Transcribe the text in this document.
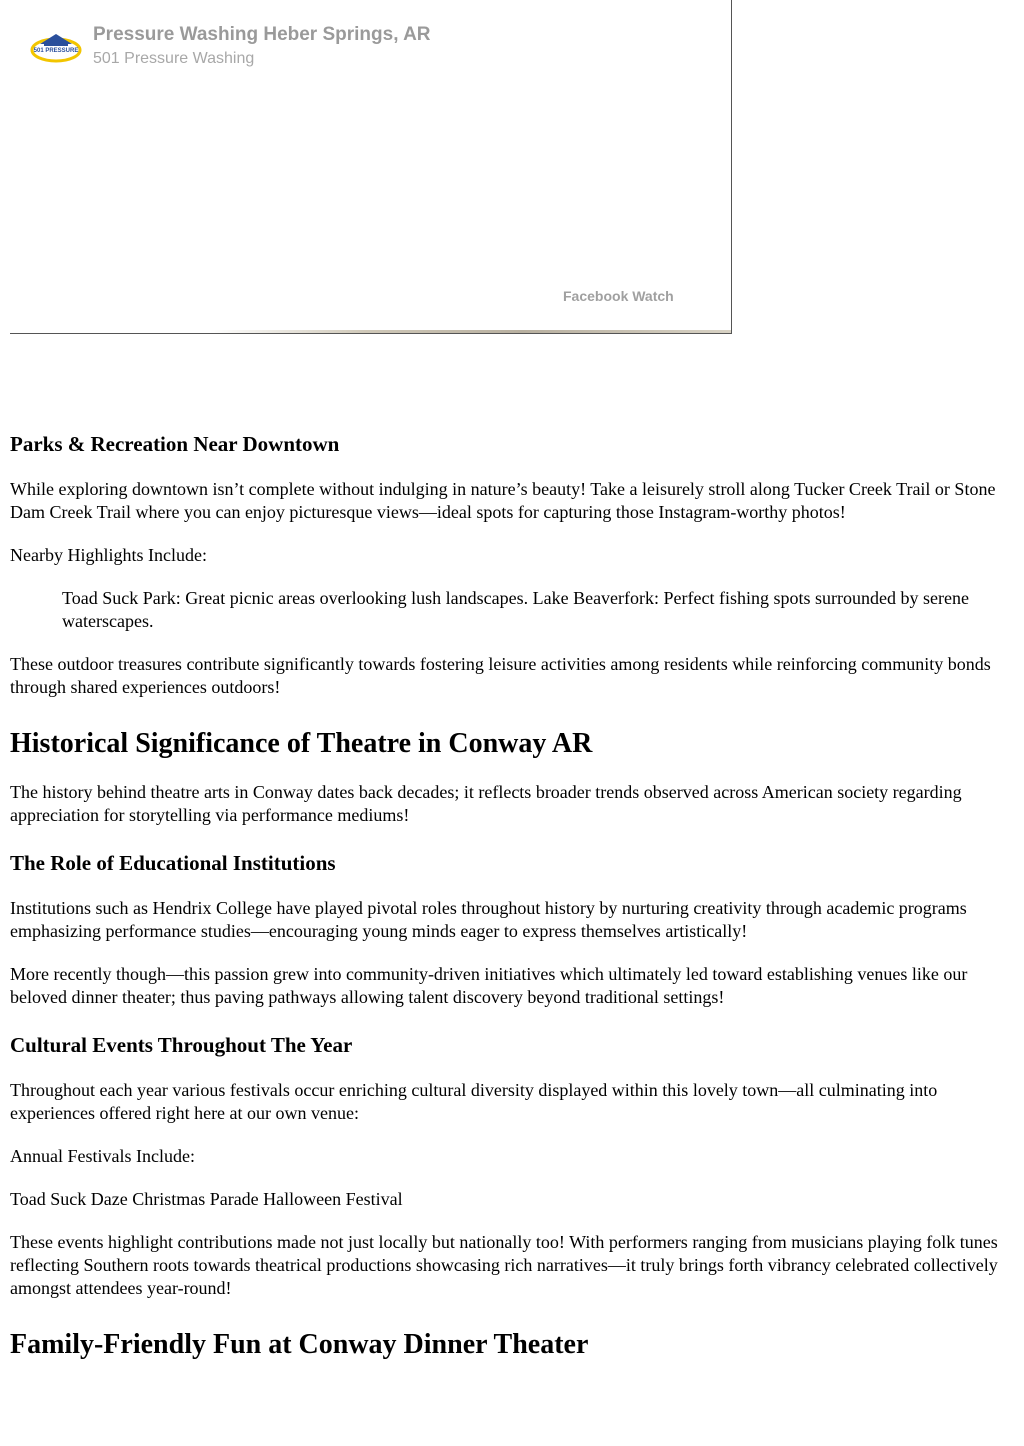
501 PRESSURE
Pressure Washing Heber Springs, AR
501 Pressure Washing
Facebook Watch
Parks & Recreation Near Downtown

While exploring downtown isn’t complete without indulging in nature’s beauty! Take a leisurely stroll along Tucker Creek Trail or Stone Dam Creek Trail where you can enjoy picturesque views—ideal spots for capturing those Instagram-worthy photos!

Nearby Highlights Include:

Toad Suck Park: Great picnic areas overlooking lush landscapes. Lake Beaverfork: Perfect fishing spots surrounded by serene waterscapes.

These outdoor treasures contribute significantly towards fostering leisure activities among residents while reinforcing community bonds through shared experiences outdoors!

Historical Significance of Theatre in Conway AR

The history behind theatre arts in Conway dates back decades; it reflects broader trends observed across American society regarding appreciation for storytelling via performance mediums!

The Role of Educational Institutions

Institutions such as Hendrix College have played pivotal roles throughout history by nurturing creativity through academic programs emphasizing performance studies—encouraging young minds eager to express themselves artistically!

More recently though—this passion grew into community-driven initiatives which ultimately led toward establishing venues like our beloved dinner theater; thus paving pathways allowing talent discovery beyond traditional settings!

Cultural Events Throughout The Year

Throughout each year various festivals occur enriching cultural diversity displayed within this lovely town—all culminating into experiences offered right here at our own venue:

Annual Festivals Include:

Toad Suck Daze Christmas Parade Halloween Festival

These events highlight contributions made not just locally but nationally too! With performers ranging from musicians playing folk tunes reflecting Southern roots towards theatrical productions showcasing rich narratives—it truly brings forth vibrancy celebrated collectively amongst attendees year-round!

Family-Friendly Fun at Conway Dinner Theater
